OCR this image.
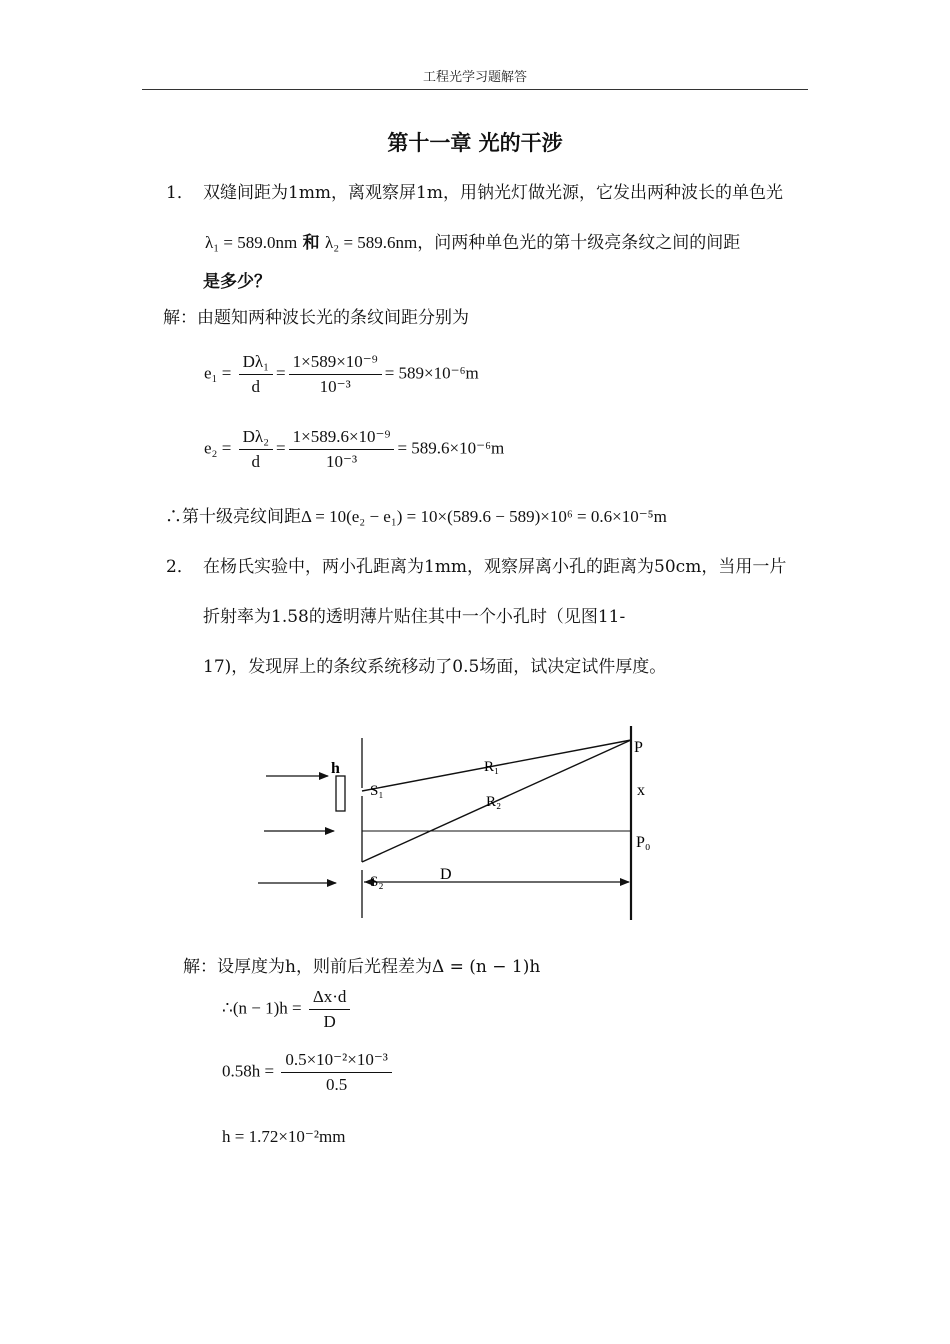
工程光学习题解答
第十一章 光的干涉
1． 双缝间距为1mm，离观察屏1m，用钠光灯做光源，它发出两种波长的单色光
λ₁ = 589.0nm 和 λ₂ = 589.6nm，问两种单色光的第十级亮条纹之间的间距
是多少？
解：由题知两种波长光的条纹间距分别为
$e_1 = \frac{\text{Dλ₁}}{d} = \frac{\text{1×589×10⁻⁹}}{\text{10⁻³}} = 589\times 10^{-6}m$
$e_2 = \frac{\text{Dλ₂}}{d} = \frac{\text{1×589.6×10⁻⁹}}{\text{10⁻³}} = 589.6\times 10^{-6}m$
∴第十级亮纹间距Δ = 10(e₂ − e₁) = 10×(589.6 − 589)×10⁶ = 0.6×10⁻⁵m
2． 在杨氏实验中，两小孔距离为1mm，观察屏离小孔的距离为50cm，当用一片
折射率为1.58的透明薄片贴住其中一个小孔时（见图11-
17)，发现屏上的条纹系统移动了0.5场面，试决定试件厚度。
h
S₁
S₂
R₁
R₂
P
x
P₀
D
解：设厚度为h，则前后光程差为Δ = (n − 1)h
∴(n − $1)h = \frac{\Delta x\cdot d}{D}$
$0.58h = \frac{\text{0.5×10⁻²×10⁻³}}{0.5}$
h = 1.72×10⁻²mm
